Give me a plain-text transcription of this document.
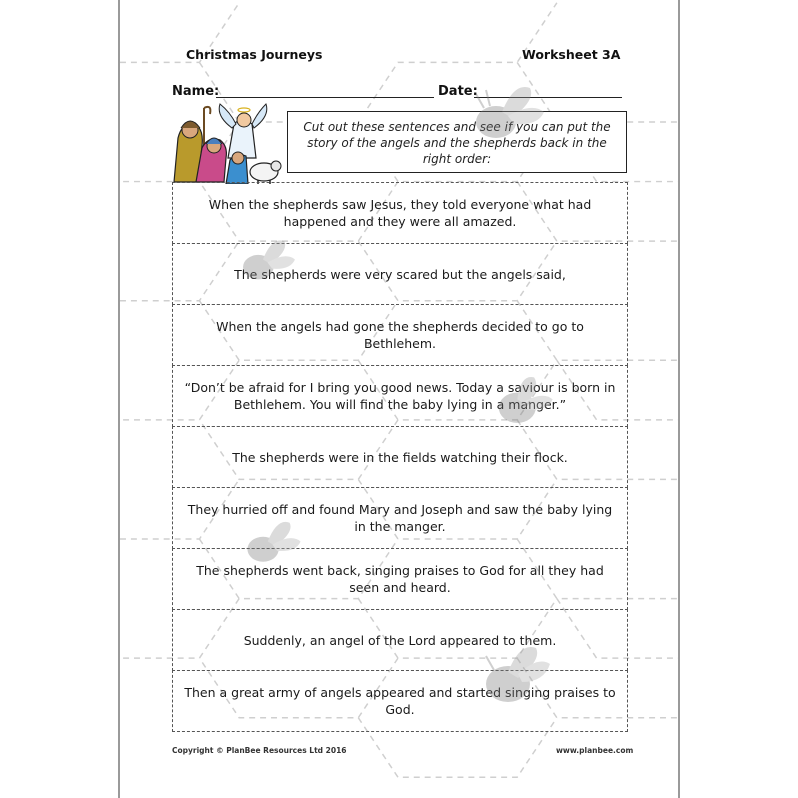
Christmas Journeys	Worksheet 3A
Name:	Date:
Cut out these sentences and see if you can put the story of the angels and the shepherds back in the right order:
When the shepherds saw Jesus, they told everyone what had happened and they were all amazed.
The shepherds were very scared but the angels said,
When the angels had gone the shepherds decided to go to Bethlehem.
“Don’t be afraid for I bring you good news. Today a saviour is born in Bethlehem. You will find the baby lying in a manger.”
The shepherds were in the fields watching their flock.
They hurried off and found Mary and Joseph and saw the baby lying in the manger.
The shepherds went back, singing praises to God for all they had seen and heard.
Suddenly, an angel of the Lord appeared to them.
Then a great army of angels appeared and started singing praises to God.
Copyright © PlanBee Resources Ltd 2016	www.planbee.com
